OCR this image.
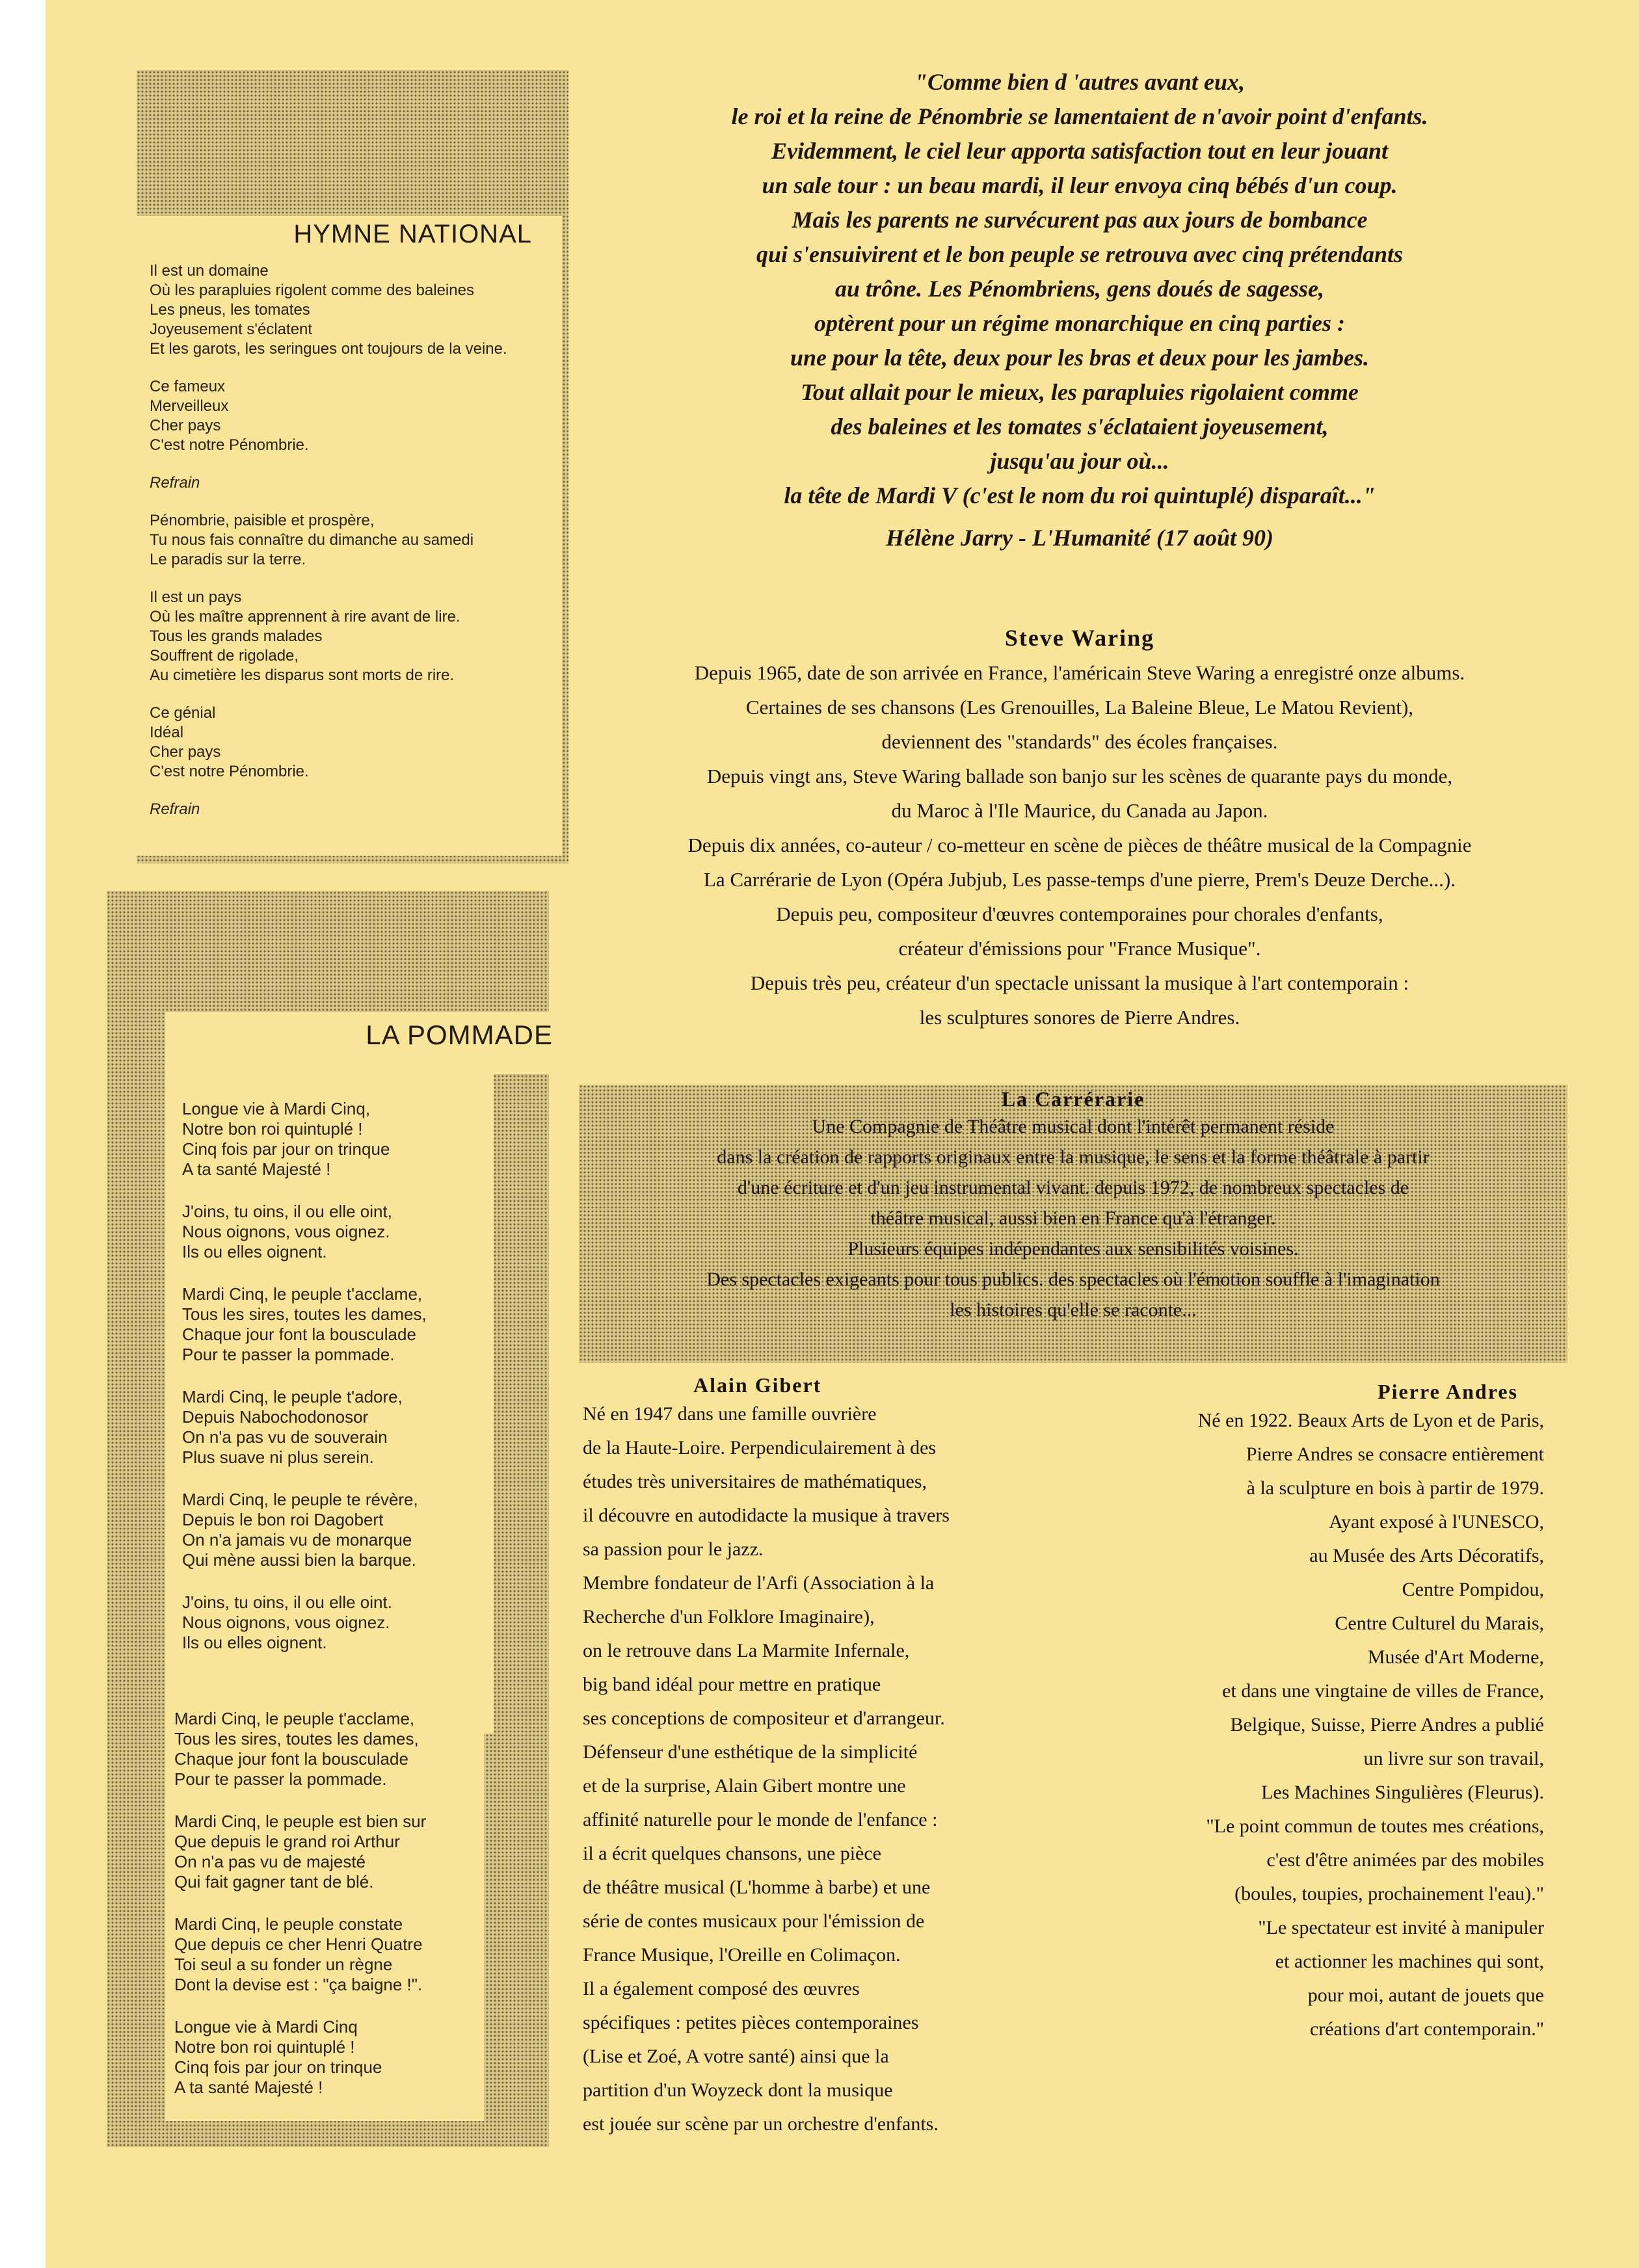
HYMNE NATIONAL
Il est un domaine
Où les parapluies rigolent comme des baleines
Les pneus, les tomates
Joyeusement s'éclatent
Et les garots, les seringues ont toujours de la veine.
Ce fameux
Merveilleux
Cher pays
C'est notre Pénombrie.
Refrain
Pénombrie, paisible et prospère,
Tu nous fais connaître du dimanche au samedi
Le paradis sur la terre.
Il est un pays
Où les maître apprennent à rire avant de lire.
Tous les grands malades
Souffrent de rigolade,
Au cimetière les disparus sont morts de rire.
Ce génial
Idéal
Cher pays
C'est notre Pénombrie.
Refrain
LA POMMADE
Longue vie à Mardi Cinq,
Notre bon roi quintuplé !
Cinq fois par jour on trinque
A ta santé Majesté !
J'oins, tu oins, il ou elle oint,
Nous oignons, vous oignez.
Ils ou elles oignent.
Mardi Cinq, le peuple t'acclame,
Tous les sires, toutes les dames,
Chaque jour font la bousculade
Pour te passer la pommade.
Mardi Cinq, le peuple t'adore,
Depuis Nabochodonosor
On n'a pas vu de souverain
Plus suave ni plus serein.
Mardi Cinq, le peuple te révère,
Depuis le bon roi Dagobert
On n'a jamais vu de monarque
Qui mène aussi bien la barque.
J'oins, tu oins, il ou elle oint.
Nous oignons, vous oignez.
Ils ou elles oignent.
Mardi Cinq, le peuple t'acclame,
Tous les sires, toutes les dames,
Chaque jour font la bousculade
Pour te passer la pommade.
Mardi Cinq, le peuple est bien sur
Que depuis le grand roi Arthur
On n'a pas vu de majesté
Qui fait gagner tant de blé.
Mardi Cinq, le peuple constate
Que depuis ce cher Henri Quatre
Toi seul a su fonder un règne
Dont la devise est : "ça baigne !".
Longue vie à Mardi Cinq
Notre bon roi quintuplé !
Cinq fois par jour on trinque
A ta santé Majesté !
"Comme bien d 'autres avant eux,
le roi et la reine de Pénombrie se lamentaient de n'avoir point d'enfants.
Evidemment, le ciel leur apporta satisfaction tout en leur jouant
un sale tour : un beau mardi, il leur envoya cinq bébés d'un coup.
Mais les parents ne survécurent pas aux jours de bombance
qui s'ensuivirent et le bon peuple se retrouva avec cinq prétendants
au trône. Les Pénombriens, gens doués de sagesse,
optèrent pour un régime monarchique en cinq parties :
une pour la tête, deux pour les bras et deux pour les jambes.
Tout allait pour le mieux, les parapluies rigolaient comme
des baleines et les tomates s'éclataient joyeusement,
jusqu'au jour où...
la tête de Mardi V (c'est le nom du roi quintuplé) disparaît..."
Hélène Jarry - L'Humanité (17 août 90)
Steve Waring
Depuis 1965, date de son arrivée en France, l'américain Steve Waring a enregistré onze albums.
Certaines de ses chansons (Les Grenouilles, La Baleine Bleue, Le Matou Revient),
deviennent des "standards" des écoles françaises.
Depuis vingt ans, Steve Waring ballade son banjo sur les scènes de quarante pays du monde,
du Maroc à l'Ile Maurice, du Canada au Japon.
Depuis dix années, co-auteur / co-metteur en scène de pièces de théâtre musical de la Compagnie
La Carrérarie de Lyon (Opéra Jubjub, Les passe-temps d'une pierre, Prem's Deuze Derche...).
Depuis peu, compositeur d'œuvres contemporaines pour chorales d'enfants,
créateur d'émissions pour "France Musique".
Depuis très peu, créateur d'un spectacle unissant la musique à l'art contemporain :
les sculptures sonores de Pierre Andres.
La Carrérarie
Une Compagnie de Théâtre musical dont l'intérêt permanent réside
dans la création de rapports originaux entre la musique, le sens et la forme théâtrale à partir
d'une écriture et d'un jeu instrumental vivant. depuis 1972, de nombreux spectacles de
théâtre musical, aussi bien en France qu'à l'étranger.
Plusieurs équipes indépendantes aux sensibilités voisines.
Des spectacles exigeants pour tous publics. des spectacles où l'émotion souffle à l'imagination
les histoires qu'elle se raconte...
Alain Gibert
Né en 1947 dans une famille ouvrière
de la Haute-Loire. Perpendiculairement à des
études très universitaires de mathématiques,
il découvre en autodidacte la musique à travers
sa passion pour le jazz.
Membre fondateur de l'Arfi (Association à la
Recherche d'un Folklore Imaginaire),
on le retrouve dans La Marmite Infernale,
big band idéal pour mettre en pratique
ses conceptions de compositeur et d'arrangeur.
Défenseur d'une esthétique de la simplicité
et de la surprise, Alain Gibert montre une
affinité naturelle pour le monde de l'enfance :
il a écrit quelques chansons, une pièce
de théâtre musical (L'homme à barbe) et une
série de contes musicaux pour l'émission de
France Musique, l'Oreille en Colimaçon.
Il a également composé des œuvres
spécifiques : petites pièces contemporaines
(Lise et Zoé, A votre santé) ainsi que la
partition d'un Woyzeck dont la musique
est jouée sur scène par un orchestre d'enfants.
Pierre Andres
Né en 1922. Beaux Arts de Lyon et de Paris,
Pierre Andres se consacre entièrement
à la sculpture en bois à partir de 1979.
Ayant exposé à l'UNESCO,
au Musée des Arts Décoratifs,
Centre Pompidou,
Centre Culturel du Marais,
Musée d'Art Moderne,
et dans une vingtaine de villes de France,
Belgique, Suisse, Pierre Andres a publié
un livre sur son travail,
Les Machines Singulières (Fleurus).
"Le point commun de toutes mes créations,
c'est d'être animées par des mobiles
(boules, toupies, prochainement l'eau)."
"Le spectateur est invité à manipuler
et actionner les machines qui sont,
pour moi, autant de jouets que
créations d'art contemporain."
